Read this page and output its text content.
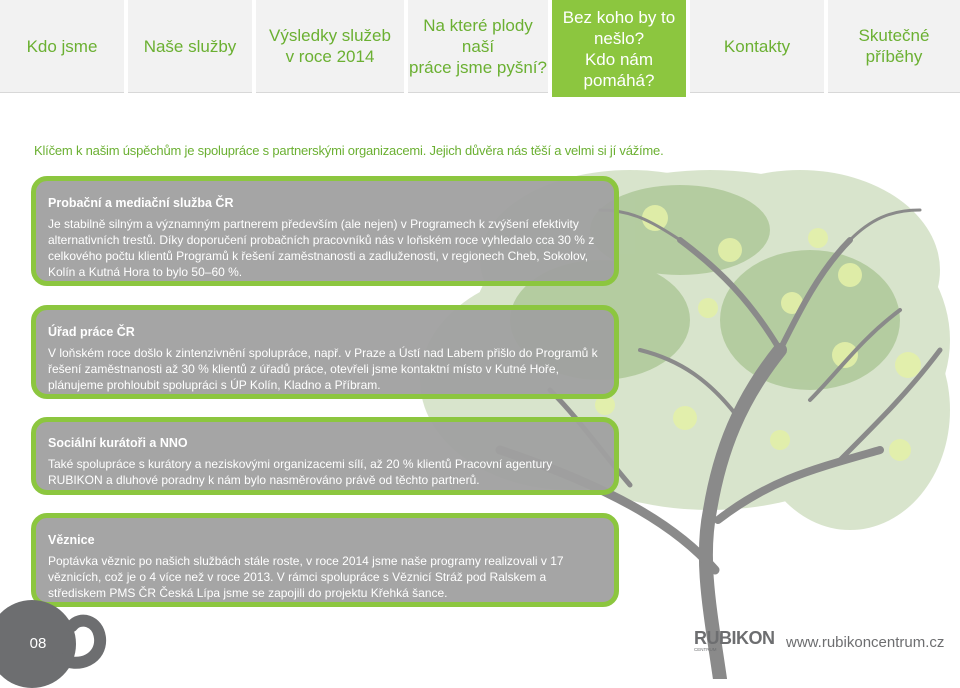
Kdo jsme	Naše služby
Výsledky služeb
v roce 2014
Na které plody naší
práce jsme pyšní?
Bez koho by to
nešlo?
Kdo nám pomáhá?
Kontakty
Skutečné
příběhy
Klíčem k našim úspěchům je spolupráce s partnerskými organizacemi. Jejich důvěra nás těší a velmi si jí vážíme.
Probační a mediační služba ČR

Je stabilně silným a významným partnerem především (ale nejen) v Programech k zvýšení efektivity alternativních trestů. Díky doporučení probačních pracovníků nás v loňském roce vyhledalo cca 30 % z celkového počtu klientů Programů k řešení zaměstnanosti a zadluženosti, v regionech Cheb, Sokolov, Kolín a Kutná Hora to bylo 50–60 %.

Úřad práce ČR

V loňském roce došlo k zintenzivnění spolupráce, např. v Praze a Ústí nad Labem přišlo do Programů k řešení zaměstnanosti až 30 % klientů z úřadů práce, otevřeli jsme kontaktní místo v Kutné Hoře, plánujeme prohloubit spolupráci s ÚP Kolín, Kladno a Příbram.

Sociální kurátoři a NNO

Také spolupráce s kurátory a neziskovými organizacemi sílí, až 20 % klientů Pracovní agentury RUBIKON a dluhové poradny k nám bylo nasměrováno právě od těchto partnerů.

Věznice

Poptávka věznic po našich službách stále roste, v roce 2014 jsme naše programy realizovali v 17 věznicích, což je o 4 více než v roce 2013. V rámci spolupráce s Věznicí Stráž pod Ralskem a střediskem PMS ČR Česká Lípa jsme se zapojili do projektu Křehká šance.

08	RUBIKON
CENTRUM	www.rubikoncentrum.cz
